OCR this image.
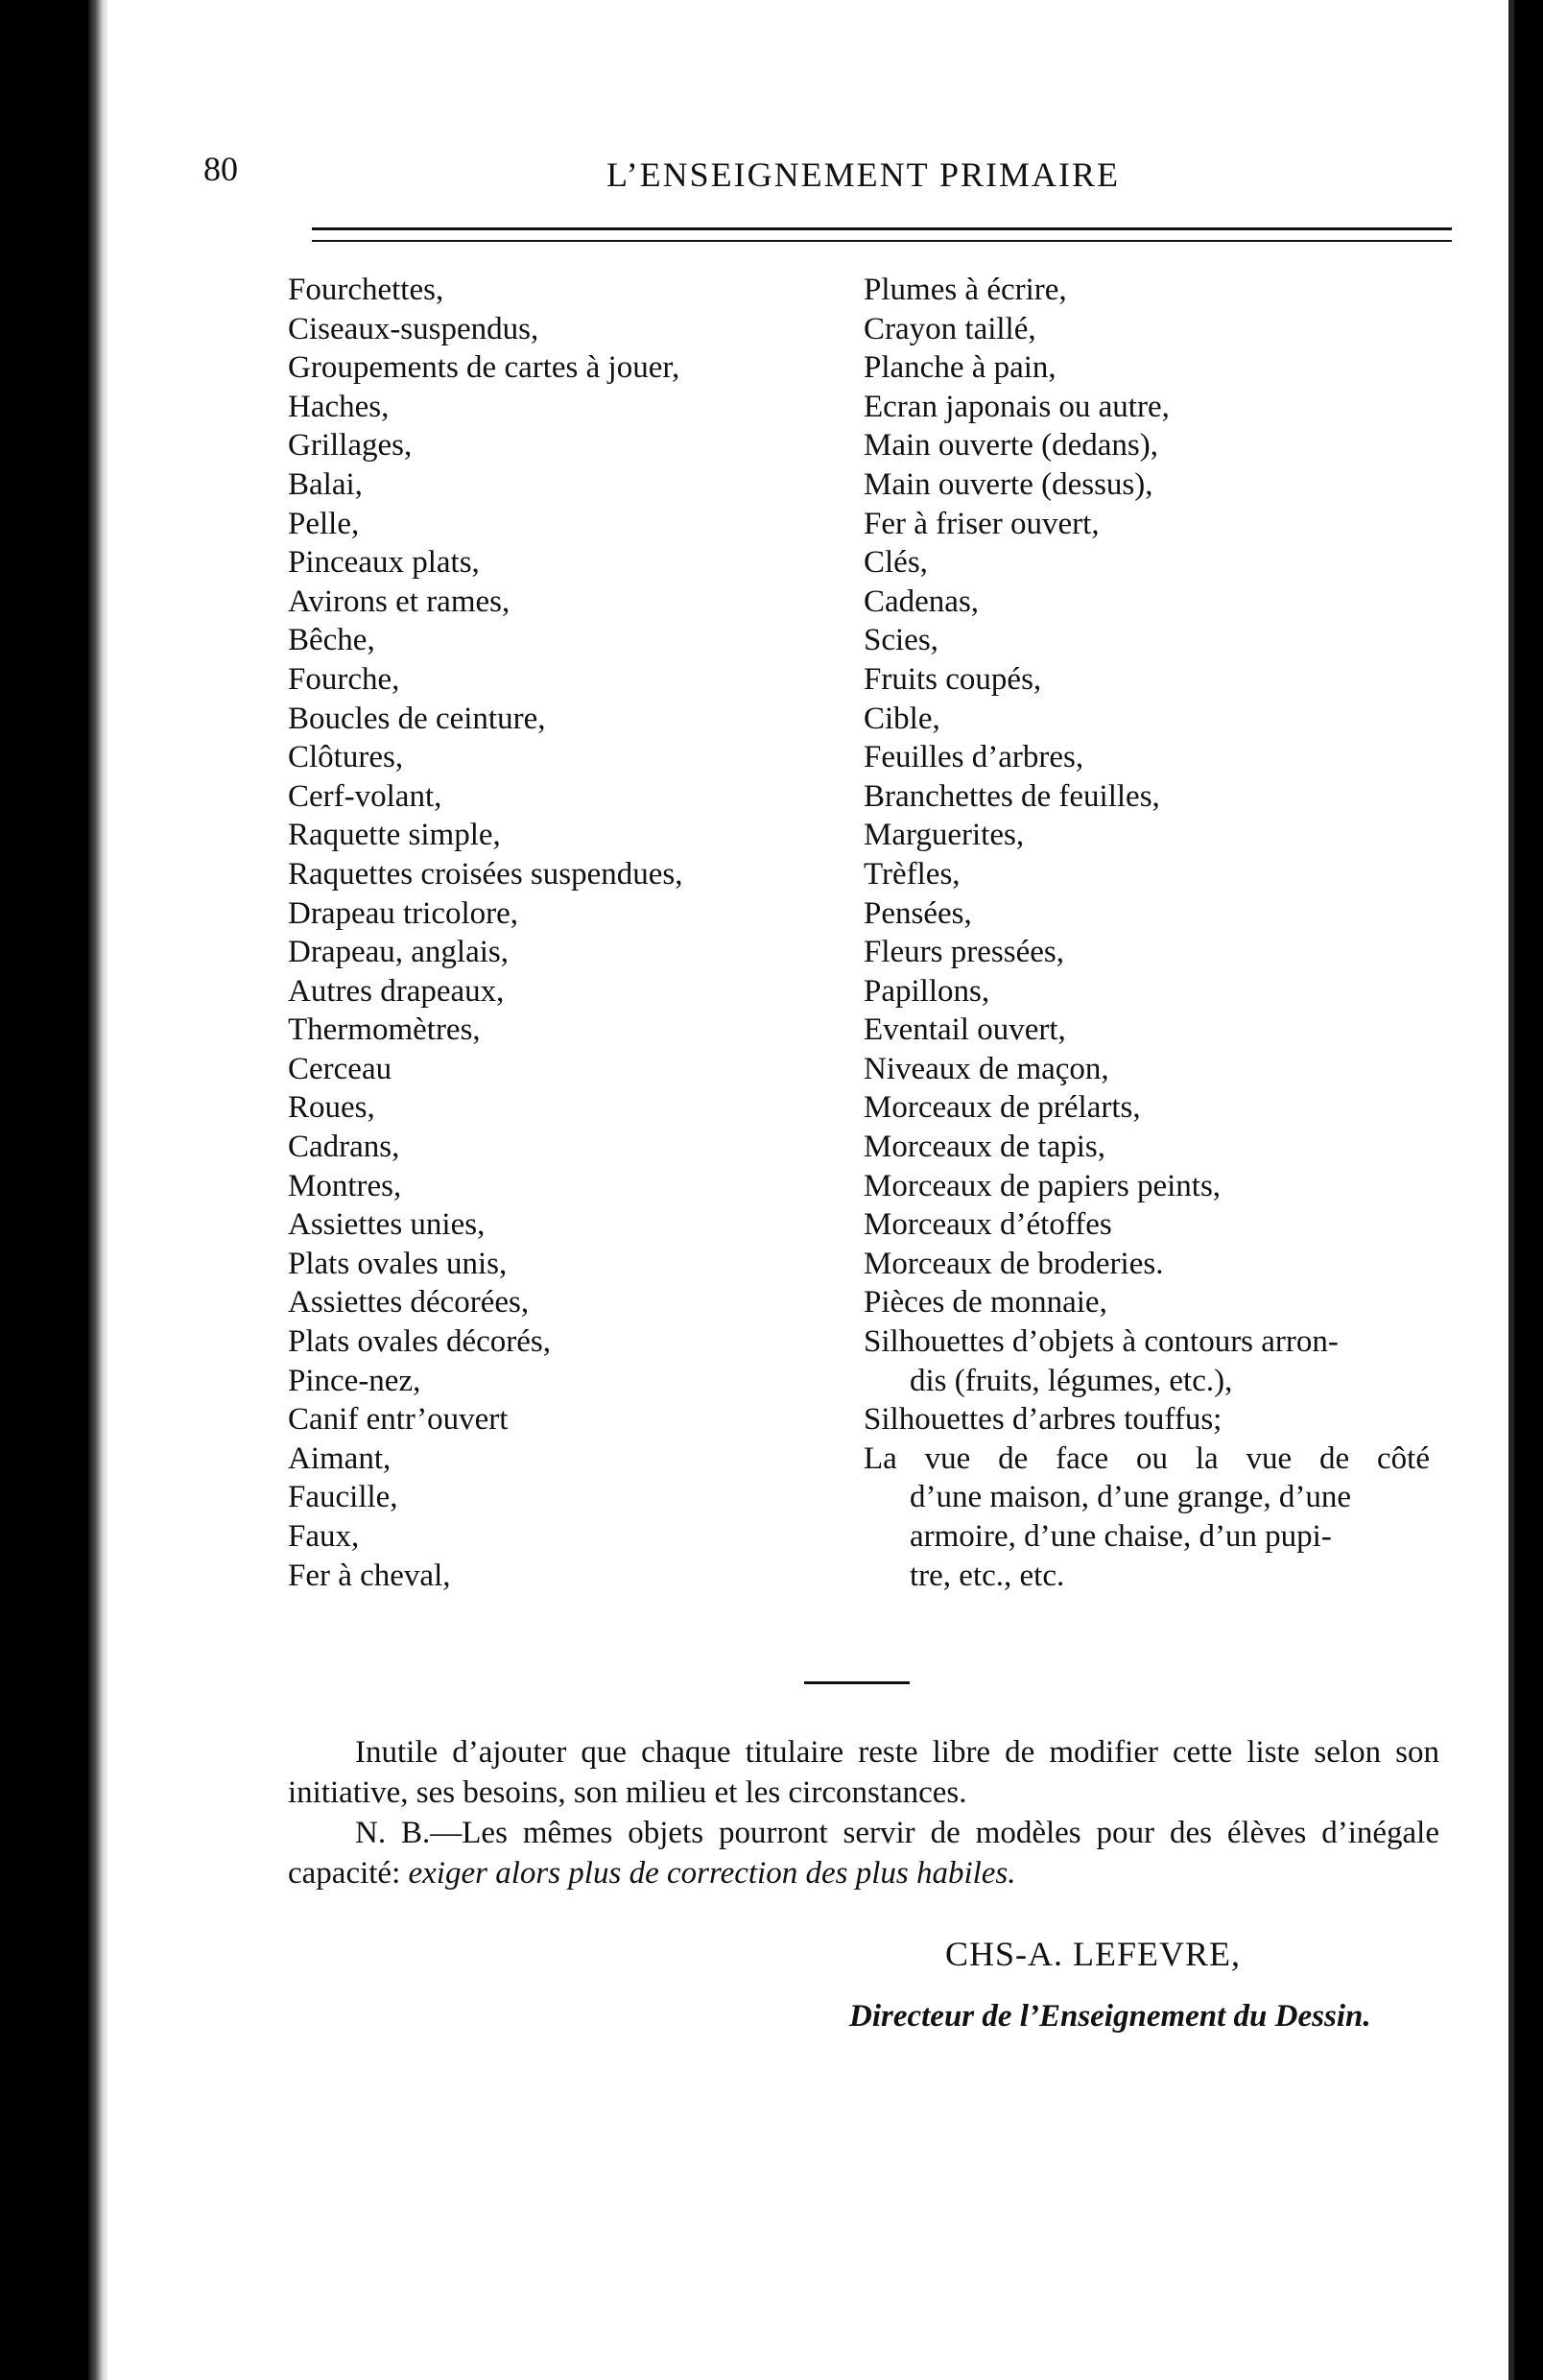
80	L’ENSEIGNEMENT PRIMAIRE
Fourchettes,
Ciseaux-suspendus,
Groupements de cartes à jouer,
Haches,
Grillages,
Balai,
Pelle,
Pinceaux plats,
Avirons et rames,
Bêche,
Fourche,
Boucles de ceinture,
Clôtures,
Cerf-volant,
Raquette simple,
Raquettes croisées suspendues,
Drapeau tricolore,
Drapeau, anglais,
Autres drapeaux,
Thermomètres,
Cerceau
Roues,
Cadrans,
Montres,
Assiettes unies,
Plats ovales unis,
Assiettes décorées,
Plats ovales décorés,
Pince-nez,
Canif entr’ouvert
Aimant,
Faucille,
Faux,
Fer à cheval,
Plumes à écrire,
Crayon taillé,
Planche à pain,
Ecran japonais ou autre,
Main ouverte (dedans),
Main ouverte (dessus),
Fer à friser ouvert,
Clés,
Cadenas,
Scies,
Fruits coupés,
Cible,
Feuilles d’arbres,
Branchettes de feuilles,
Marguerites,
Trèfles,
Pensées,
Fleurs pressées,
Papillons,
Eventail ouvert,
Niveaux de maçon,
Morceaux de prélarts,
Morceaux de tapis,
Morceaux de papiers peints,
Morceaux d’étoffes
Morceaux de broderies.
Pièces de monnaie,
Silhouettes d’objets à contours arron-
dis (fruits, légumes, etc.),
Silhouettes d’arbres touffus;
La vue de face ou la vue de côté
d’une maison, d’une grange, d’une
armoire, d’une chaise, d’un pupi-
tre, etc., etc.

Inutile d’ajouter que chaque titulaire reste libre de modifier cette liste selon son initiative, ses besoins, son milieu et les circonstances.

N. B.—Les mêmes objets pourront servir de modèles pour des élèves d’inégale capacité: exiger alors plus de correction des plus habiles.

CHS-A. LEFEVRE,
Directeur de l’Enseignement du Dessin.
